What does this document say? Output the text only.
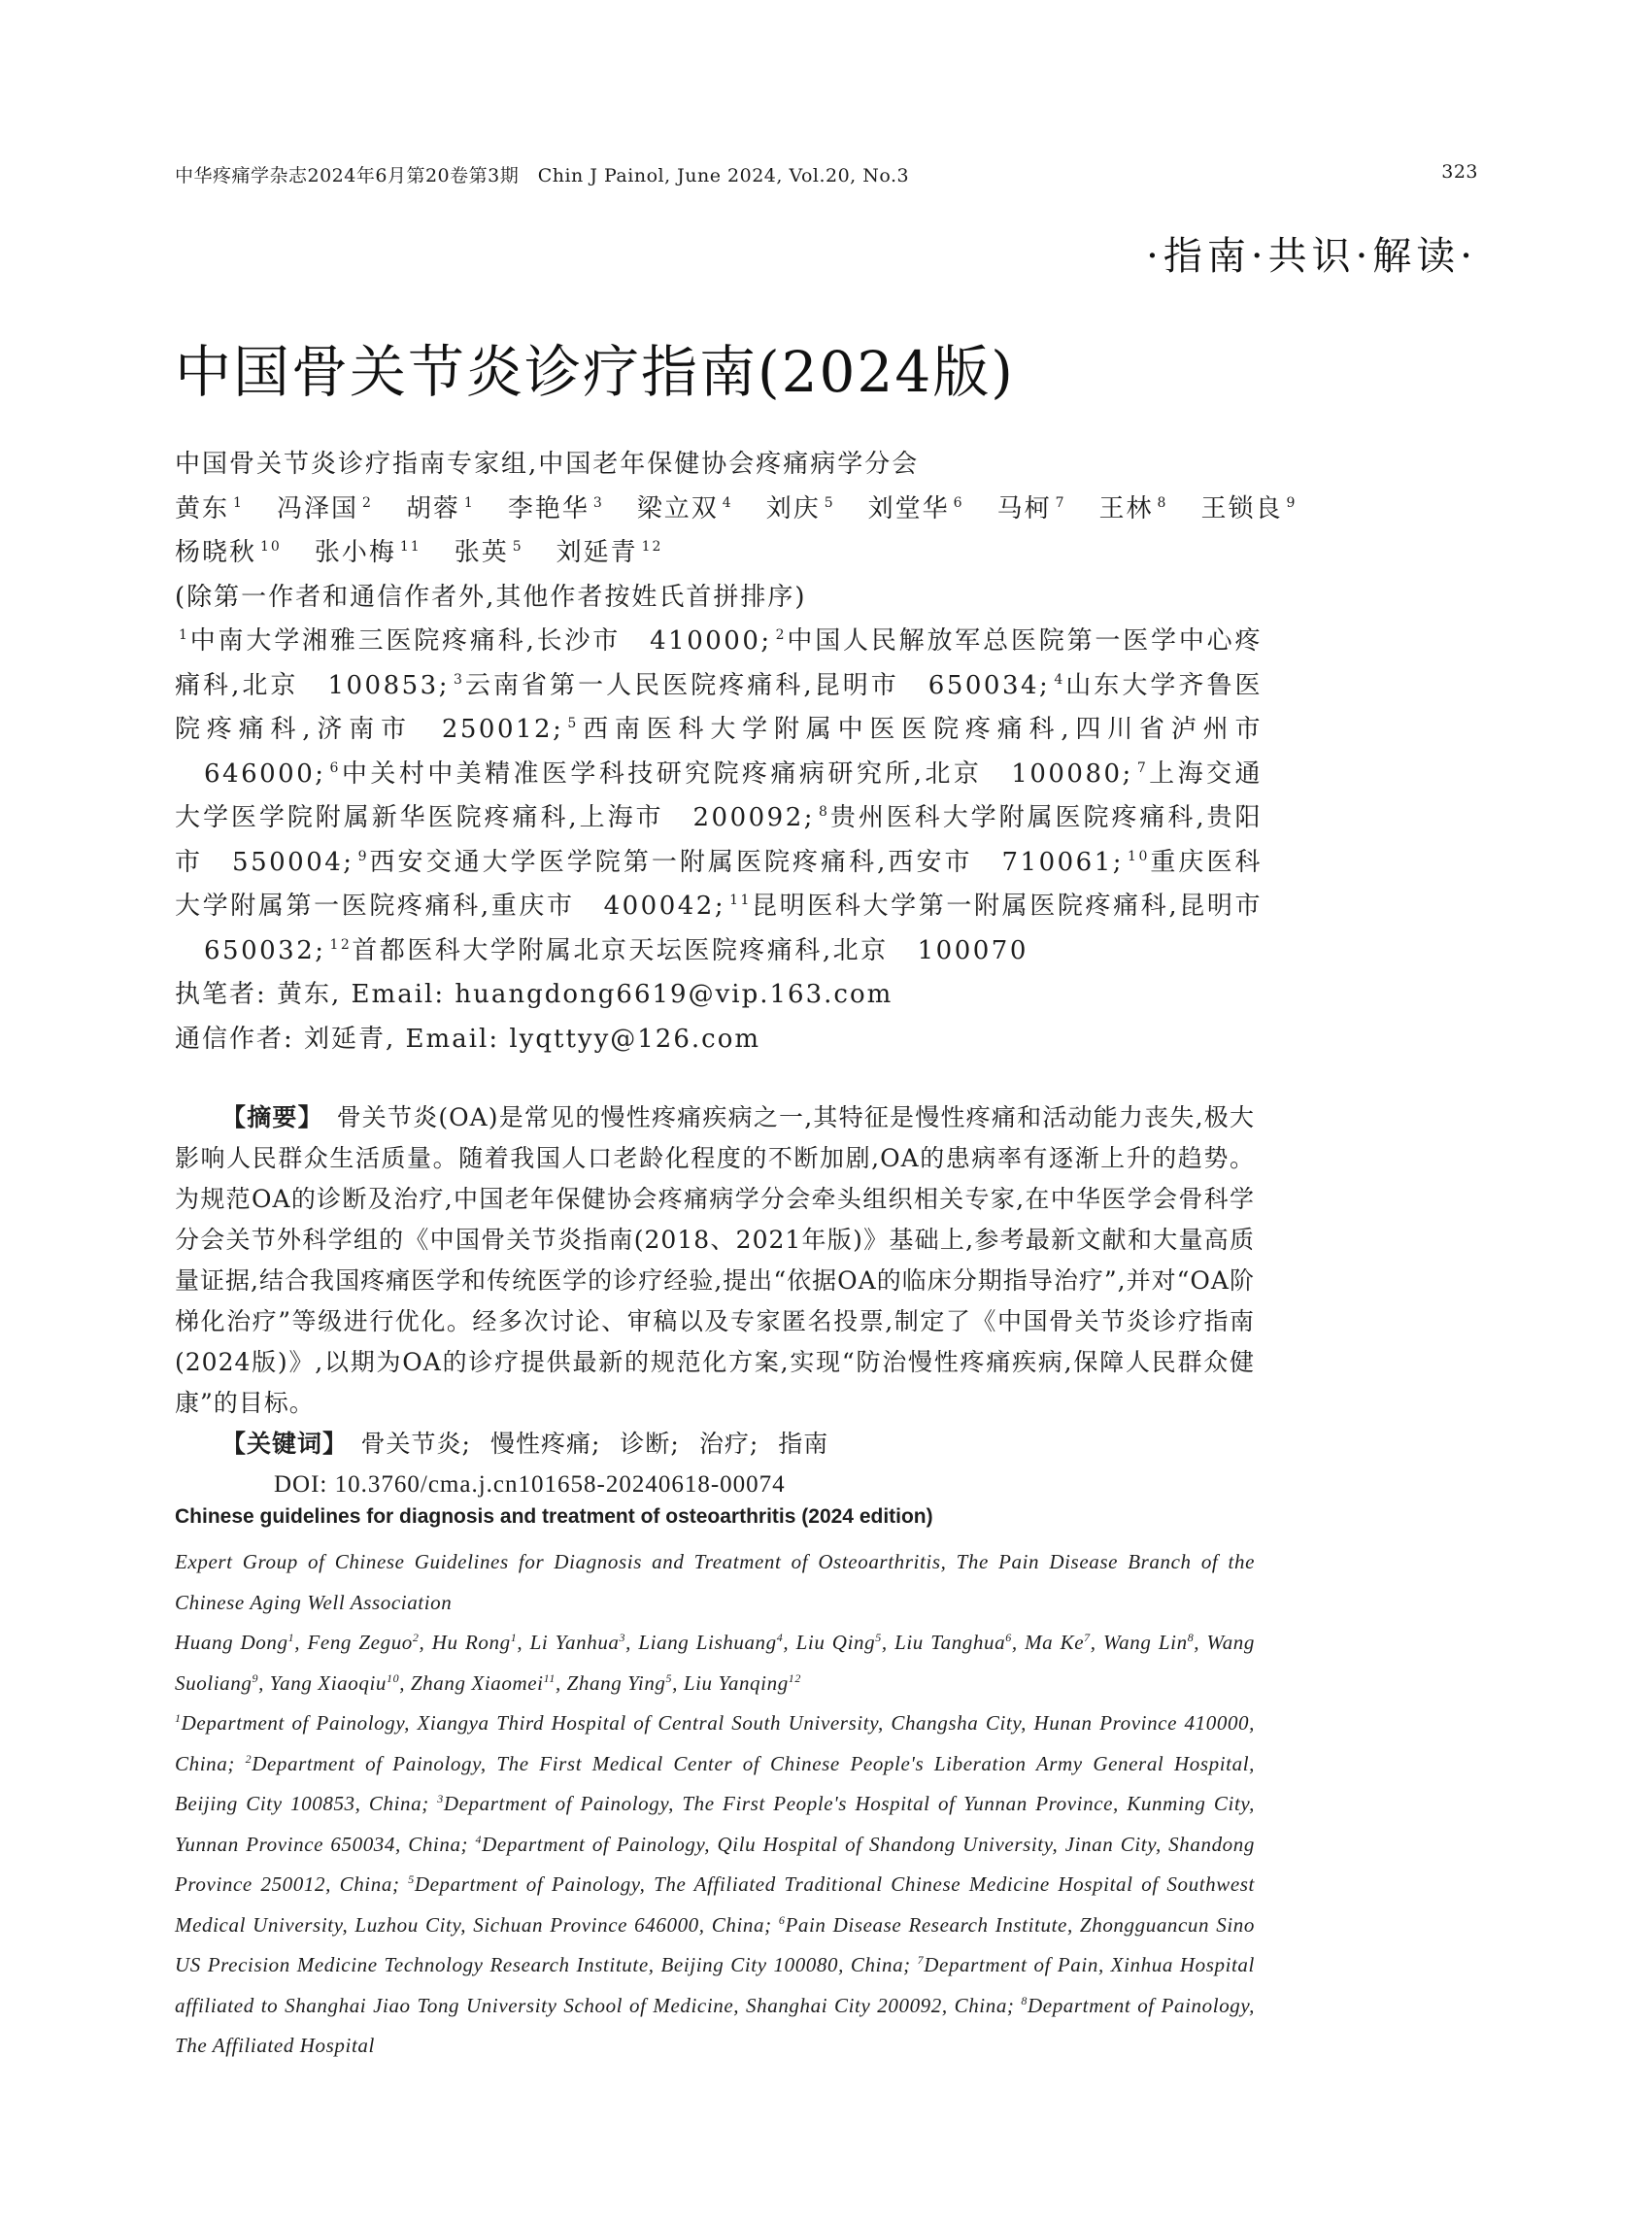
中华疼痛学杂志2024年6月第20卷第3期　Chin J Painol, June 2024, Vol.20, No.3	323
·指南·共识·解读·
中国骨关节炎诊疗指南(2024版)
中国骨关节炎诊疗指南专家组,中国老年保健协会疼痛病学分会
黄东 $^1$ 冯泽国 $^2$ 胡蓉 $^1$ 李艳华 $^3$ 梁立双 $^4$ 刘庆 $^5$ 刘堂华 $^6$ 马柯 $^7$ 王林 $^8$ 王锁良 $^9$
杨晓秋 $^{10}$ 张小梅 $^{11}$ 张英 $^5$ 刘延青 $^{12}$
(除第一作者和通信作者外,其他作者按姓氏首拼排序)
$^1$中南大学湘雅三医院疼痛科,长沙市 410000; $^2$中国人民解放军总医院第一医学中心疼痛科,北京 100853; $^3$云南省第一人民医院疼痛科,昆明市 650034; $^4$山东大学齐鲁医院疼痛科,济南市 250012; $^5$西南医科大学附属中医医院疼痛科,四川省泸州市646000; $^6$中关村中美精准医学科技研究院疼痛病研究所,北京 100080; $^7$上海交通大学医学院附属新华医院疼痛科,上海市 200092; $^8$贵州医科大学附属医院疼痛科,贵阳市 550004; $^9$西安交通大学医学院第一附属医院疼痛科,西安市 710061; $^{10}$重庆医科大学附属第一医院疼痛科,重庆市 400042; $^{11}$昆明医科大学第一附属医院疼痛科,昆明市650032; $^{12}$首都医科大学附属北京天坛医院疼痛科,北京 100070
执笔者: 黄东, Email: huangdong6619@vip.163.com
通信作者: 刘延青, Email: lyqttyy@126.com

【摘要】　 骨关节炎(OA)是常见的慢性疼痛疾病之一,其特征是慢性疼痛和活动能力丧失,极大影响人民群众生活质量。随着我国人口老龄化程度的不断加剧,OA的患病率有逐渐上升的趋势。为规范OA的诊断及治疗,中国老年保健协会疼痛病学分会牵头组织相关专家,在中华医学会骨科学分会关节外科学组的《中国骨关节炎指南(2018、2021年版)》基础上,参考最新文献和大量高质量证据,结合我国疼痛医学和传统医学的诊疗经验,提出“依据OA的临床分期指导治疗”,并对“OA阶梯化治疗”等级进行优化。经多次讨论、审稿以及专家匿名投票,制定了《中国骨关节炎诊疗指南(2024版)》,以期为OA的诊疗提供最新的规范化方案,实现“防治慢性疼痛疾病,保障人民群众健康”的目标。

【关键词】　 骨关节炎; 慢性疼痛; 诊断; 治疗; 指南

DOI: 10.3760/cma.j.cn101658-20240618-00074

Chinese guidelines for diagnosis and treatment of osteoarthritis (2024 edition)

Expert Group of Chinese Guidelines for Diagnosis and Treatment of Osteoarthritis, The Pain Disease Branch of the Chinese Aging Well Association

Huang Dong$^1$, Feng Zeguo$^2$, Hu Rong$^1$, Li Yanhua$^3$, Liang Lishuang$^4$, Liu Qing$^5$, Liu Tanghua$^6$, Ma Ke$^7$, Wang Lin$^8$, Wang Suoliang$^9$, Yang Xiaoqiu$^{10}$, Zhang Xiaomei$^{11}$, Zhang Ying$^5$, Liu Yanqing$^{12}$

$^1$Department of Painology, Xiangya Third Hospital of Central South University, Changsha City, Hunan Province 410000, China; $^2$Department of Painology, The First Medical Center of Chinese People's Liberation Army General Hospital, Beijing City 100853, China; $^3$Department of Painology, The First People's Hospital of Yunnan Province, Kunming City, Yunnan Province 650034, China; $^4$Department of Painology, Qilu Hospital of Shandong University, Jinan City, Shandong Province 250012, China; $^5$Department of Painology, The Affiliated Traditional Chinese Medicine Hospital of Southwest Medical University, Luzhou City, Sichuan Province 646000, China; $^6$Pain Disease Research Institute, Zhongguancun Sino US Precision Medicine Technology Research Institute, Beijing City 100080, China; $^7$Department of Pain, Xinhua Hospital affiliated to Shanghai Jiao Tong University School of Medicine, Shanghai City 200092, China; $^8$Department of Painology, The Affiliated Hospital
